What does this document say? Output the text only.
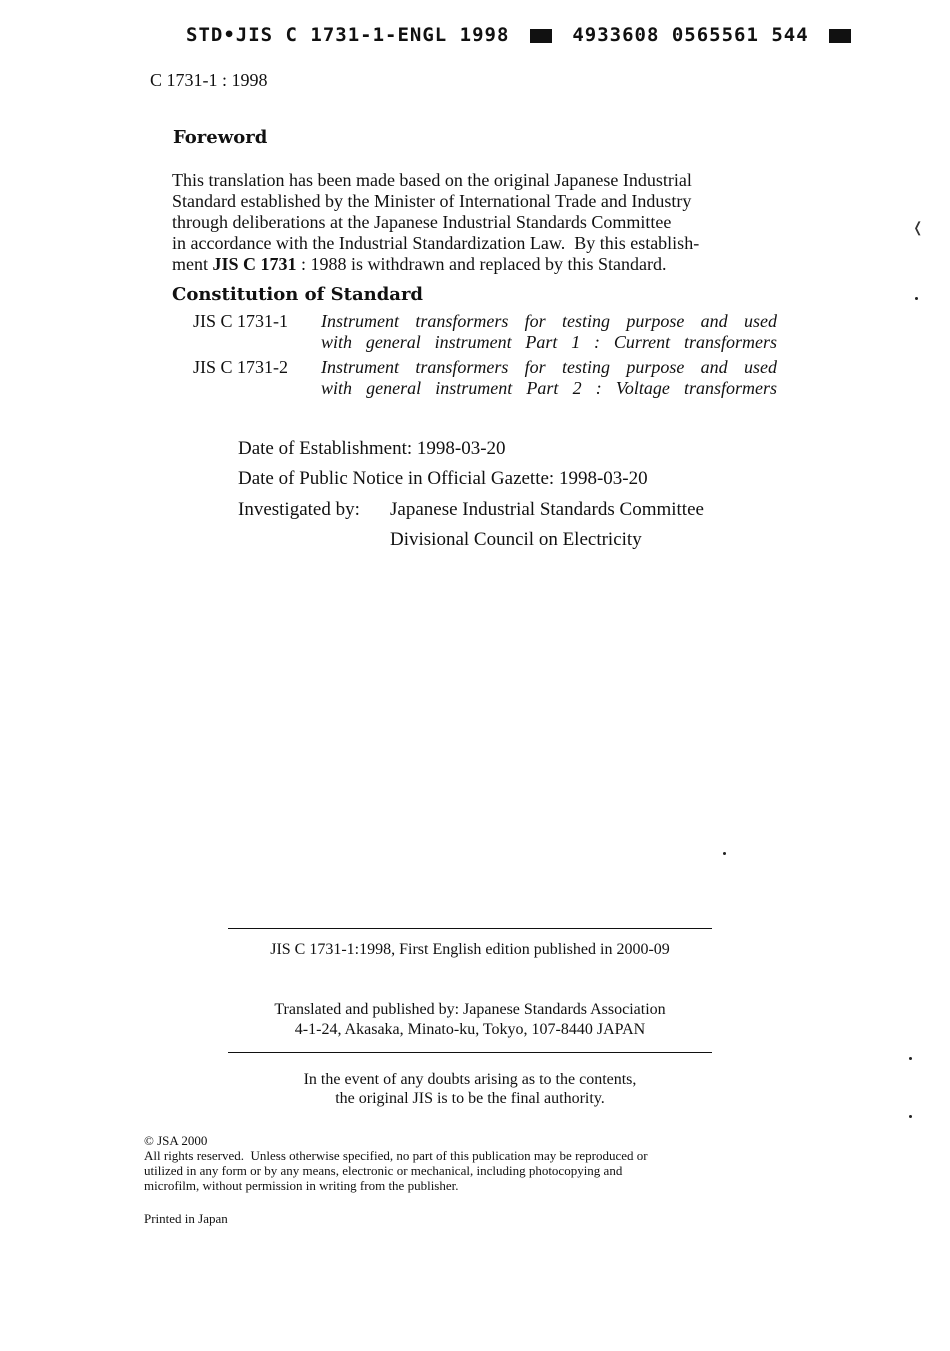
STD•JIS C 1731-1-ENGL 1998	4933608 0565561 544
C 1731-1 : 1998
Foreword
This translation has been made based on the original Japanese Industrial
Standard established by the Minister of International Trade and Industry
through deliberations at the Japanese Industrial Standards Committee
in accordance with the Industrial Standardization Law.  By this establish-
ment JIS C 1731 : 1988 is withdrawn and replaced by this Standard.
Constitution of Standard
JIS C 1731-1 Instrument transformers for testing purpose and used
with general instrument Part 1 : Current transformers
JIS C 1731-2 Instrument transformers for testing purpose and used
with general instrument Part 2 : Voltage transformers
Date of Establishment: 1998-03-20
Date of Public Notice in Official Gazette: 1998-03-20
Investigated by: Japanese Industrial Standards Committee
Divisional Council on Electricity
JIS C 1731-1:1998, First English edition published in 2000-09
Translated and published by: Japanese Standards Association
4-1-24, Akasaka, Minato-ku, Tokyo, 107-8440 JAPAN
In the event of any doubts arising as to the contents,
the original JIS is to be the final authority.
© JSA 2000
All rights reserved.  Unless otherwise specified, no part of this publication may be reproduced or
utilized in any form or by any means, electronic or mechanical, including photocopying and
microfilm, without permission in writing from the publisher.
Printed in Japan
❬
